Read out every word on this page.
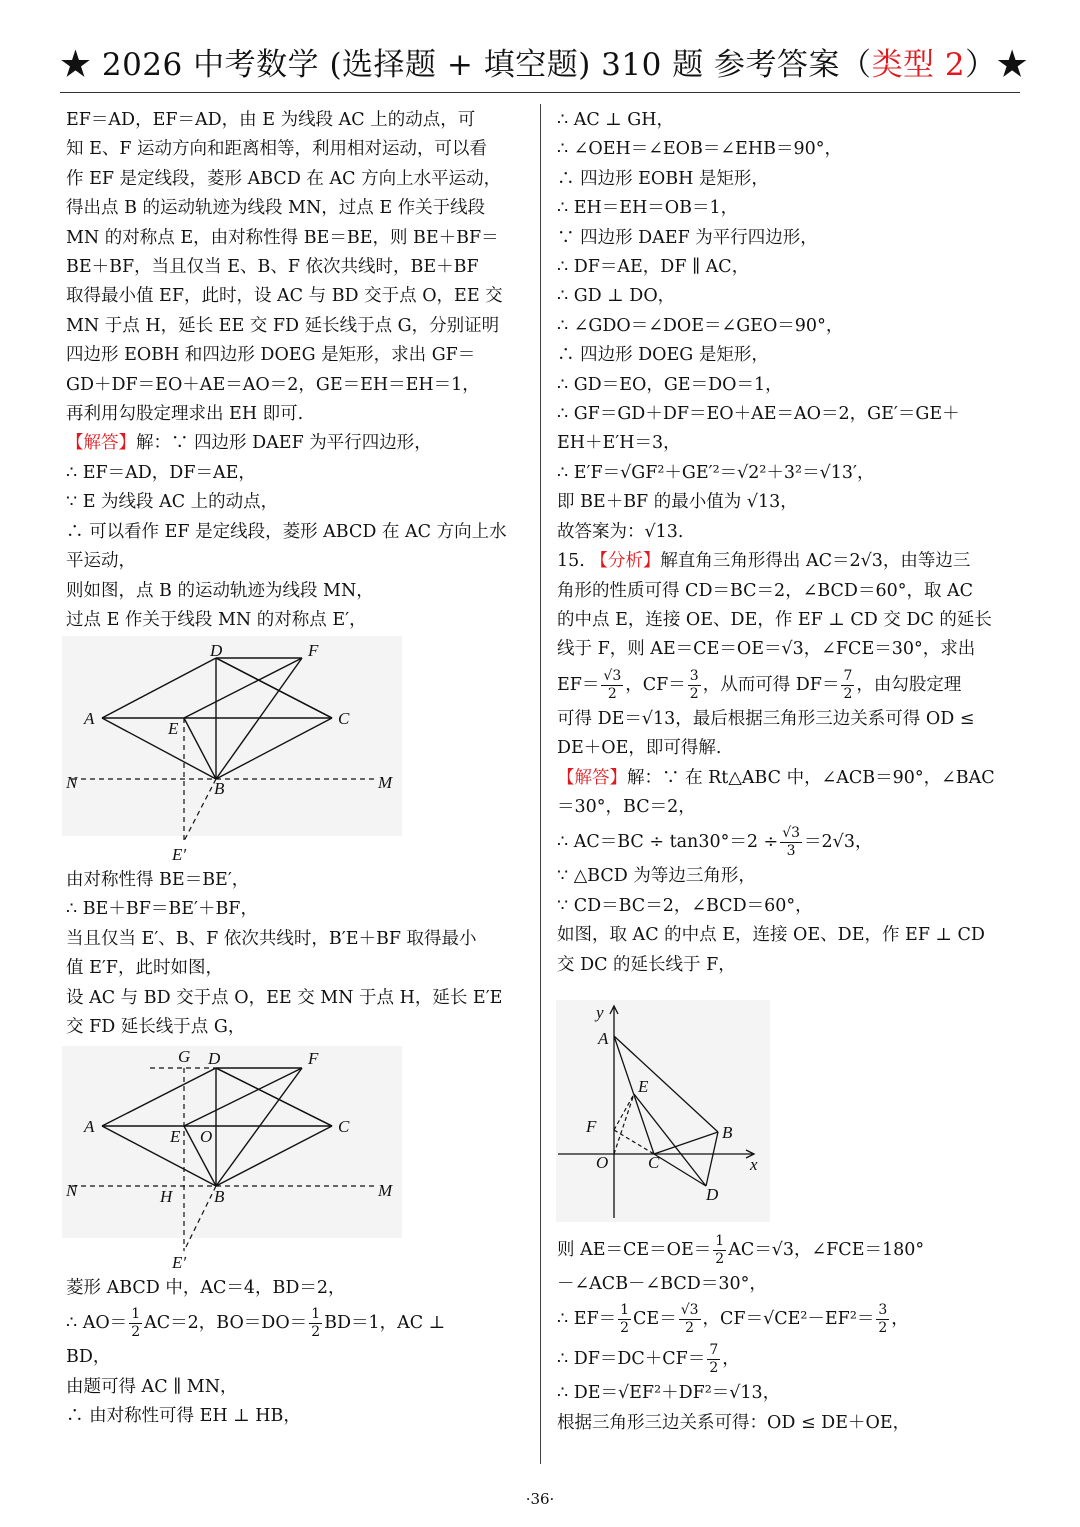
★ 2026 中考数学 (选择题 + 填空题) 310 题 参考答案（类型 2）★

EF＝AD，EF＝AD，由 E 为线段 AC 上的动点，可

知 E、F 运动方向和距离相等，利用相对运动，可以看

作 EF 是定线段，菱形 ABCD 在 AC 方向上水平运动，

得出点 B 的运动轨迹为线段 MN，过点 E 作关于线段

MN 的对称点 E，由对称性得 BE＝BE，则 BE＋BF＝

BE＋BF，当且仅当 E、B、F 依次共线时，BE＋BF

取得最小值 EF，此时，设 AC 与 BD 交于点 O，EE 交

MN 于点 H，延长 EE 交 FD 延长线于点 G，分别证明

四边形 EOBH 和四边形 DOEG 是矩形，求出 GF＝

GD＋DF＝EO＋AE＝AO＝2，GE＝EH＝EH＝1，

再利用勾股定理求出 EH 即可.

【解答】解：∵ 四边形 DAEF 为平行四边形，

∴ EF＝AD，DF＝AE，

∵ E 为线段 AC 上的动点，

∴ 可以看作 EF 是定线段，菱形 ABCD 在 AC 方向上水

平运动，

则如图，点 B 的运动轨迹为线段 MN，

过点 E 作关于线段 MN 的对称点 E′，

D	F
A
E
C
N	B	M
E′

由对称性得 BE＝BE′，

∴ BE＋BF＝BE′＋BF，

当且仅当 E′、B、F 依次共线时，B′E＋BF 取得最小

值 E′F，此时如图，

设 AC 与 BD 交于点 O，EE 交 MN 于点 H，延长 E′E

交 FD 延长线于点 G，

G D	F
A
E O
C
N	H B	M
E′

菱形 ABCD 中，AC＝4，BD＝2，

∴ $AO= \frac{1}{2} AC=2$，$BO=DO= \frac{1}{2} BD=1$，AC ⊥

BD，

由题可得 AC ∥ MN，

∴ 由对称性可得 EH ⊥ HB，

∴ AC ⊥ GH，

∴ ∠OEH＝∠EOB＝∠EHB＝90°，

∴ 四边形 EOBH 是矩形，

∴ EH＝EH＝OB＝1，

∵ 四边形 DAEF 为平行四边形，

∴ DF＝AE，DF ∥ AC，

∴ GD ⊥ DO，

∴ ∠GDO＝∠DOE＝∠GEO＝90°，

∴ 四边形 DOEG 是矩形，

∴ GD＝EO，GE＝DO＝1，

∴ GF＝GD＋DF＝EO＋AE＝AO＝2，GE′＝GE＋

EH＋E′H＝3，

∴ E′F＝√GF²＋GE′²＝√2²＋3²＝√13′，

即 BE＋BF 的最小值为 √13，

故答案为：√13.

15. 【分析】解直角三角形得出 AC＝2√3，由等边三

角形的性质可得 CD＝BC＝2，∠BCD＝60°，取 AC

的中点 E，连接 OE、DE，作 EF ⊥ CD 交 DC 的延长

线于 F，则 AE＝CE＝OE＝√3，∠FCE＝30°，求出

$EF= \frac{√3}{2}$ ，$CF= \frac{3}{2}$ ，从而可得 $DF= \frac{7}{2}$ ，由勾股定理

可得 DE＝√13，最后根据三角形三边关系可得 OD ≤

DE＋OE，即可得解.

【解答】解：∵ 在 Rt△ABC 中，∠ACB＝90°，∠BAC

＝30°，BC＝2，

∴ $AC=BC \div \tan 30^\circ=2 \div \frac{√3}{3} =2√3$，

∵ △BCD 为等边三角形，

∵ CD＝BC＝2，∠BCD＝60°，

如图，取 AC 的中点 E，连接 OE、DE，作 EF ⊥ CD

交 DC 的延长线于 F，

y
A
E
F	B
O C	x
D

则 $AE=CE=OE= \frac{1}{2} AC=√3$，∠FCE＝180°

－∠ACB－∠BCD＝30°，

∴ $EF= \frac{1}{2} CE= \frac{√3}{2}$ ，$CF=√CE^2-EF^2= \frac{3}{2}$ ，

∴ $DF=DC+CF= \frac{7}{2}$ ，

∴ DE＝√EF²＋DF²＝√13，

根据三角形三边关系可得：OD ≤ DE＋OE，

·36·
